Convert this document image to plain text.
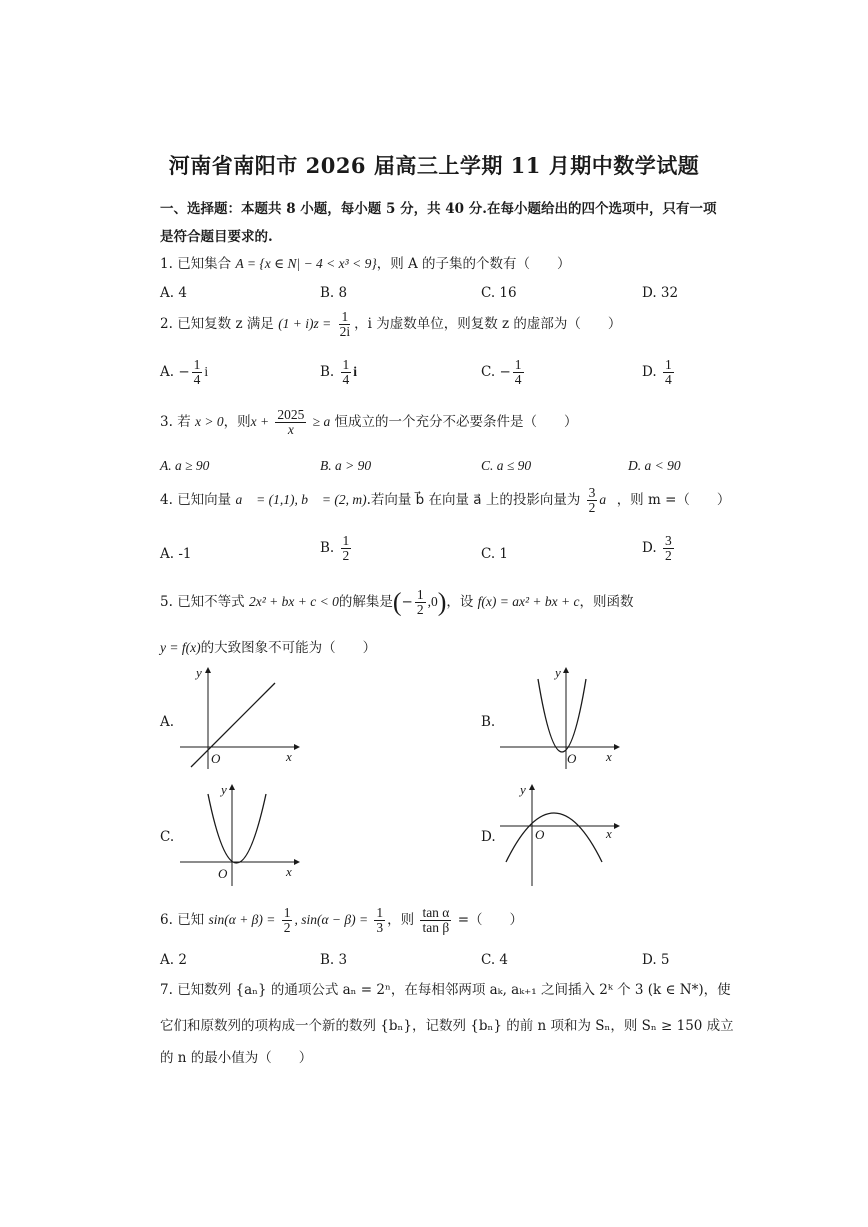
河南省南阳市 2026 届高三上学期 11 月期中数学试题
一、选择题：本题共 8 小题，每小题 5 分，共 40 分.在每小题给出的四个选项中，只有一项
是符合题目要求的.
1. 已知集合 A = {x ∈ N| − 4 < x³ < 9}，则 A 的子集的个数有（　　）
A. 4	B. 8	C. 16	D. 32
2. 已知复数 z 满足 $(1 + i)z = \frac{1}{2i}$ ，i 为虚数单位，则复数 z 的虚部为（　　）
A. − $\frac{1}{4}$ i	B. $\frac{1}{4}$ i	C. − $\frac{1}{4}$	D. $\frac{1}{4}$
3. 若 x > 0，则$x + \frac{2025}{x} \ge a$ 恒成立的一个充分不必要条件是（　　）
A. a ≥ 90	B. a > 90	C. a ≤ 90	D. a < 90
4. 已知向量 a⃗ = (1,1), b⃗ = (2, m).若向量 b⃗ 在向量 a⃗ 上的投影向量为 $\frac{3}{2}$ a⃗，则 m =（　　）
A. -1	B. $\frac{1}{2}$	C. 1	D. $\frac{3}{2}$
5. 已知不等式 2x² + bx + c < 0的解集是(− $\frac{1}{2} ,0$)，设 f(x) = ax² + bx + c，则函数
y = f(x)的大致图象不可能为（　　）
A.	B.
C.	D.
y
x
O
y
x
O
y
x
O
y
x
O
6. 已知 $\sin(\alpha + \beta) = \frac{1}{2}$ , $\sin(\alpha - \beta) = \frac{1}{3}$ ，则 $\frac{\text{tan α}}{\text{tan β}}$ =（　　）
A. 2	B. 3	C. 4	D. 5
7. 已知数列 {aₙ} 的通项公式 aₙ = 2ⁿ，在每相邻两项 aₖ, aₖ₊₁ 之间插入 2ᵏ 个 3 (k ∈ N*)，使
它们和原数列的项构成一个新的数列 {bₙ}，记数列 {bₙ} 的前 n 项和为 Sₙ，则 Sₙ ≥ 150 成立
的 n 的最小值为（　　）
